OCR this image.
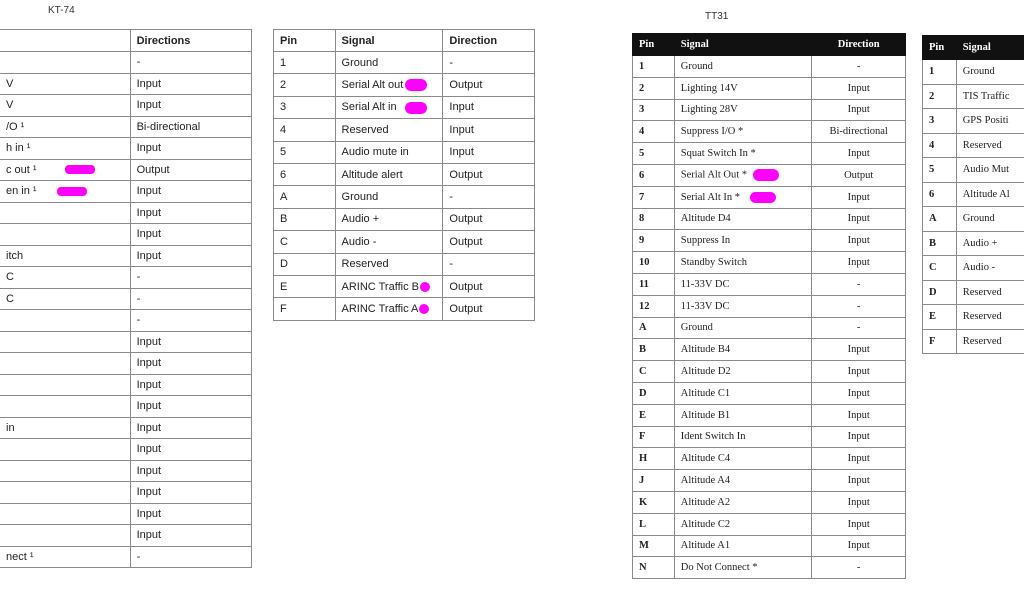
KT-74
TT31
	Directions
	-
V	Input
V	Input
/O ¹	Bi-directional
h in ¹	Input
c out ¹	Output
en in ¹	Input
	Input
	Input
itch	Input
C	-
C	-
	-
	Input
	Input
	Input
	Input
in	Input
	Input
	Input
	Input
	Input
	Input
nect ¹	-
Pin	Signal	Direction
1	Ground	-
2	Serial Alt out	Output
3	Serial Alt in	Input
4	Reserved	Input
5	Audio mute in	Input
6	Altitude alert	Output
A	Ground	-
B	Audio +	Output
C	Audio -	Output
D	Reserved	-
E	ARINC Traffic B	Output
F	ARINC Traffic A	Output
Pin	Signal	Direction
1	Ground	-
2	Lighting 14V	Input
3	Lighting 28V	Input
4	Suppress I/O *	Bi-directional
5	Squat Switch In *	Input
6	Serial Alt Out *	Output
7	Serial Alt In *	Input
8	Altitude D4	Input
9	Suppress In	Input
10	Standby Switch	Input
11	11-33V DC	-
12	11-33V DC	-
A	Ground	-
B	Altitude B4	Input
C	Altitude D2	Input
D	Altitude C1	Input
E	Altitude B1	Input
F	Ident Switch In	Input
H	Altitude C4	Input
J	Altitude A4	Input
K	Altitude A2	Input
L	Altitude C2	Input
M	Altitude A1	Input
N	Do Not Connect *	-
Pin	Signal
1	Ground
2	TIS Traffic
3	GPS Positi
4	Reserved
5	Audio Mut
6	Altitude Al
A	Ground
B	Audio +
C	Audio -
D	Reserved
E	Reserved
F	Reserved
